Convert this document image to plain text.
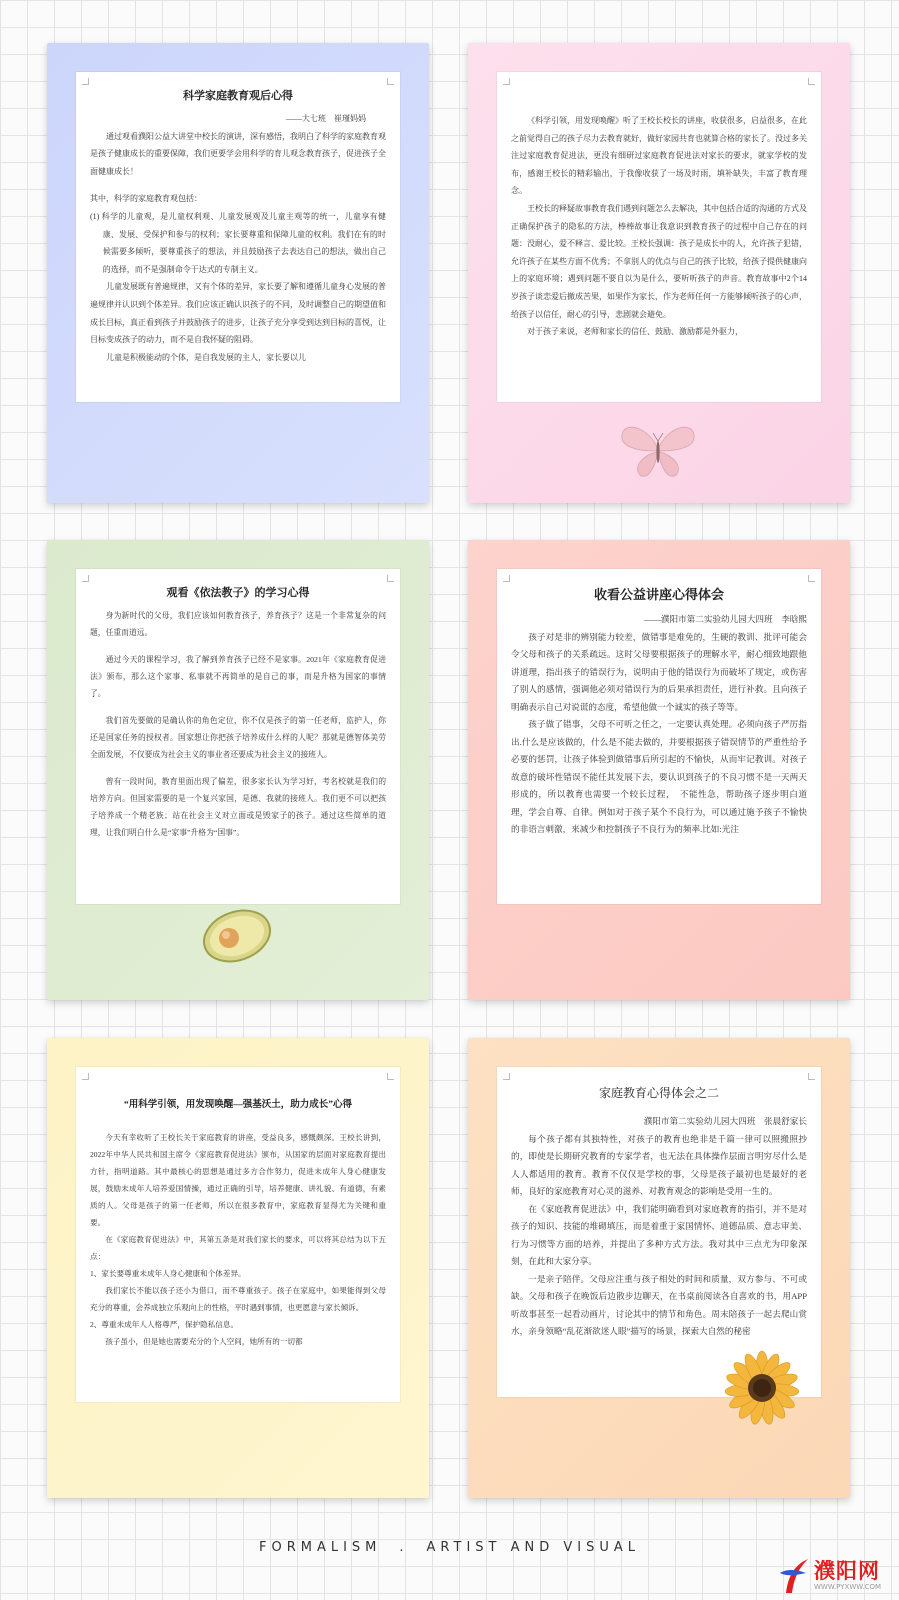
科学家庭教育观后心得
——大七班　崔瑾妈妈

通过观看濮阳公益大讲堂中校长的演讲，深有感悟，我明白了科学的家庭教育观是孩子健康成长的重要保障，我们更要学会用科学的育儿观念教育孩子，促进孩子全面健康成长！

其中，科学的家庭教育观包括：

(1) 科学的儿童观，是儿童权利观、儿童发展观及儿童主观等的统一，儿童享有健康、发展、受保护和参与的权利；家长要尊重和保障儿童的权利。我们在有的时候需要多倾听，要尊重孩子的想法，并且鼓励孩子去表达自己的想法，做出自己的选择，而不是强制命令于达式的专制主义。

儿童发展既有普遍规律，又有个体的差异，家长要了解和遵循儿童身心发展的普遍规律并认识到个体差异。我们应该正确认识孩子的不同，及时调整自己的期望值和成长目标，真正看到孩子并鼓励孩子的进步，让孩子充分享受到达到目标的喜悦，让目标变成孩子的动力，而不是自我怀疑的阻碍。

儿童是积极能动的个体，是自我发展的主人，家长要以儿

《科学引领，用发现唤醒》听了王校长校长的讲座，收获很多，启益很多，在此之前觉得自己的孩子尽力去教育就好，做好家园共育也就算合格的家长了。没过多关注过家庭教育促进法，更没有细研过家庭教育促进法对家长的要求，就家学校的发布，感谢王校长的精彩输出，于我像收获了一场及时雨，填补缺失，丰富了教育理念。

王校长的释疑故事教育我们遇到问题怎么去解决，其中包括合适的沟通的方式及正确保护孩子的隐私的方法，棒棒故事让我意识到教育孩子的过程中自己存在的问题：没耐心，爱不释言、爱比较。王校长强调：孩子是成长中的人，允许孩子犯错，允许孩子在某些方面不优秀；不拿别人的优点与自己的孩子比较，给孩子提供健康向上的家庭环境；遇到问题不要自以为是什么，要听听孩子的声音。教育故事中2个14岁孩子谈恋爱后撤成苦果，如果作为家长，作为老师任何一方能够倾听孩子的心声，给孩子以信任，耐心的引导，悲剧就会避免。

对于孩子来说，老师和家长的信任、鼓励、激励都是外驱力，

观看《依法教子》的学习心得

身为新时代的父母，我们应该如何教育孩子，养育孩子？这是一个非常复杂的问题，任重而道远。

通过今天的课程学习，我了解到养育孩子已经不是家事。2021年《家庭教育促进法》颁布，那么这个家事、私事就不再简单的是自己的事，而是升格为国家的事情了。

我们首先要做的是确认你的角色定位，你不仅是孩子的第一任老师，监护人，你还是国家任务的授权者。国家想让你把孩子培养成什么样的人呢？那就是德智体美劳全面发展，不仅要成为社会主义的事业者还要成为社会主义的接班人。

曾有一段时间，教育里面出现了偏差，很多家长认为学习好，考名校就是我们的培养方向。但国家需要的是一个复兴家国，是德、我就的接班人。我们更不可以把孩子培养成一个精老族；站在社会主义对立面或是毁家子的孩子。通过这些简单的道理，让我们明白什么是“家事”升格为“国事”。

收看公益讲座心得体会
——濮阳市第二实验幼儿园大四班　李晗熙

孩子对是非的辨别能力较差，做错事是难免的，生硬的教训、批评可能会令父母和孩子的关系疏远。这时父母要根据孩子的理解水平，耐心细致地跟他讲道理，指出孩子的错误行为，说明由于他的错误行为而破坏了规定，或伤害了别人的感情，强调他必须对错误行为的后果承担责任，进行补救。且向孩子明确表示自己对说谎的态度，希望他做一个诚实的孩子等等。

孩子做了错事，父母不可听之任之，一定要认真处理。必须向孩子严厉指出.什么是应该做的，什么是不能去做的，并要根据孩子错误情节的严重性给予必要的惩罚，让孩子体验到做错事后所引起的不愉快，从而牢记教训。对孩子故意的破坏性错误不能任其发展下去，要认识到孩子的不良习惯不是一天两天形成的，所以教育也需要一个较长过程，　不能性急，帮助孩子逐步明白道理，学会自尊、自律。例如对于孩子某个不良行为，可以通过施予孩子不愉快的非语言刺激，来减少和控制孩子不良行为的频率.比如:光注

“用科学引领，用发现唤醒—强基沃土，助力成长”心得

今天有幸收听了王校长关于家庭教育的讲座，受益良多，感慨颇深。王校长讲到，2022年中华人民共和国主席令《家庭教育促进法》颁布，从国家的层面对家庭教育提出方针，指明道路。其中最核心的思想是通过多方合作努力，促进未成年人身心健康发展，鼓励未成年人培养爱国情操，通过正确的引导，培养健康、讲礼貌、有道德，有素质的人。父母是孩子的第一任老师，所以在很多教育中，家庭教育显得尤为关键和重要。

在《家庭教育促进法》中，其第五条是对我们家长的要求，可以将其总结为以下五点：

1、家长要尊重未成年人身心健康和个体差异。

我们家长不能以孩子还小为借口，而不尊重孩子。孩子在家庭中，如果能得到父母充分的尊重，会养成独立乐观向上的性格，平时遇到事情，也更愿意与家长倾诉。

2、尊重未成年人人格尊严，保护隐私信息。

孩子虽小，但是她也需要充分的个人空间，她所有的一切都

家庭教育心得体会之二
濮阳市第二实验幼儿园大四班　张晨舒家长

每个孩子都有其独特性，对孩子的教育也绝非是千篇一律可以照搬照抄的，即使是长期研究教育的专家学者，也无法在具体操作层面言明穷尽什么是人人都适用的教育。教育不仅仅是学校的事，父母是孩子最初也是最好的老师，良好的家庭教育对心灵的滋养、对教育观念的影响是受用一生的。

在《家庭教育促进法》中，我们能明确看到对家庭教育的指引，并不是对孩子的知识、技能的堆砌填压，而是着重于家国情怀、道德品质、意志审美、行为习惯等方面的培养，并提出了多种方式方法。我对其中三点尤为印象深刻，在此和大家分享。

一是亲子陪伴。父母应注重与孩子相处的时间和质量，双方参与、不可或缺。父母和孩子在晚饭后边散步边聊天，在书桌前阅读各自喜欢的书，用APP听故事甚至一起看动画片，讨论其中的情节和角色。周末陪孩子一起去爬山赏水，亲身领略“乱花渐欲迷人眼”描写的场景，探索大自然的秘密

FORMALISM　.　ARTIST AND VISUAL
濮阳网
WWW.PYXWW.COM
